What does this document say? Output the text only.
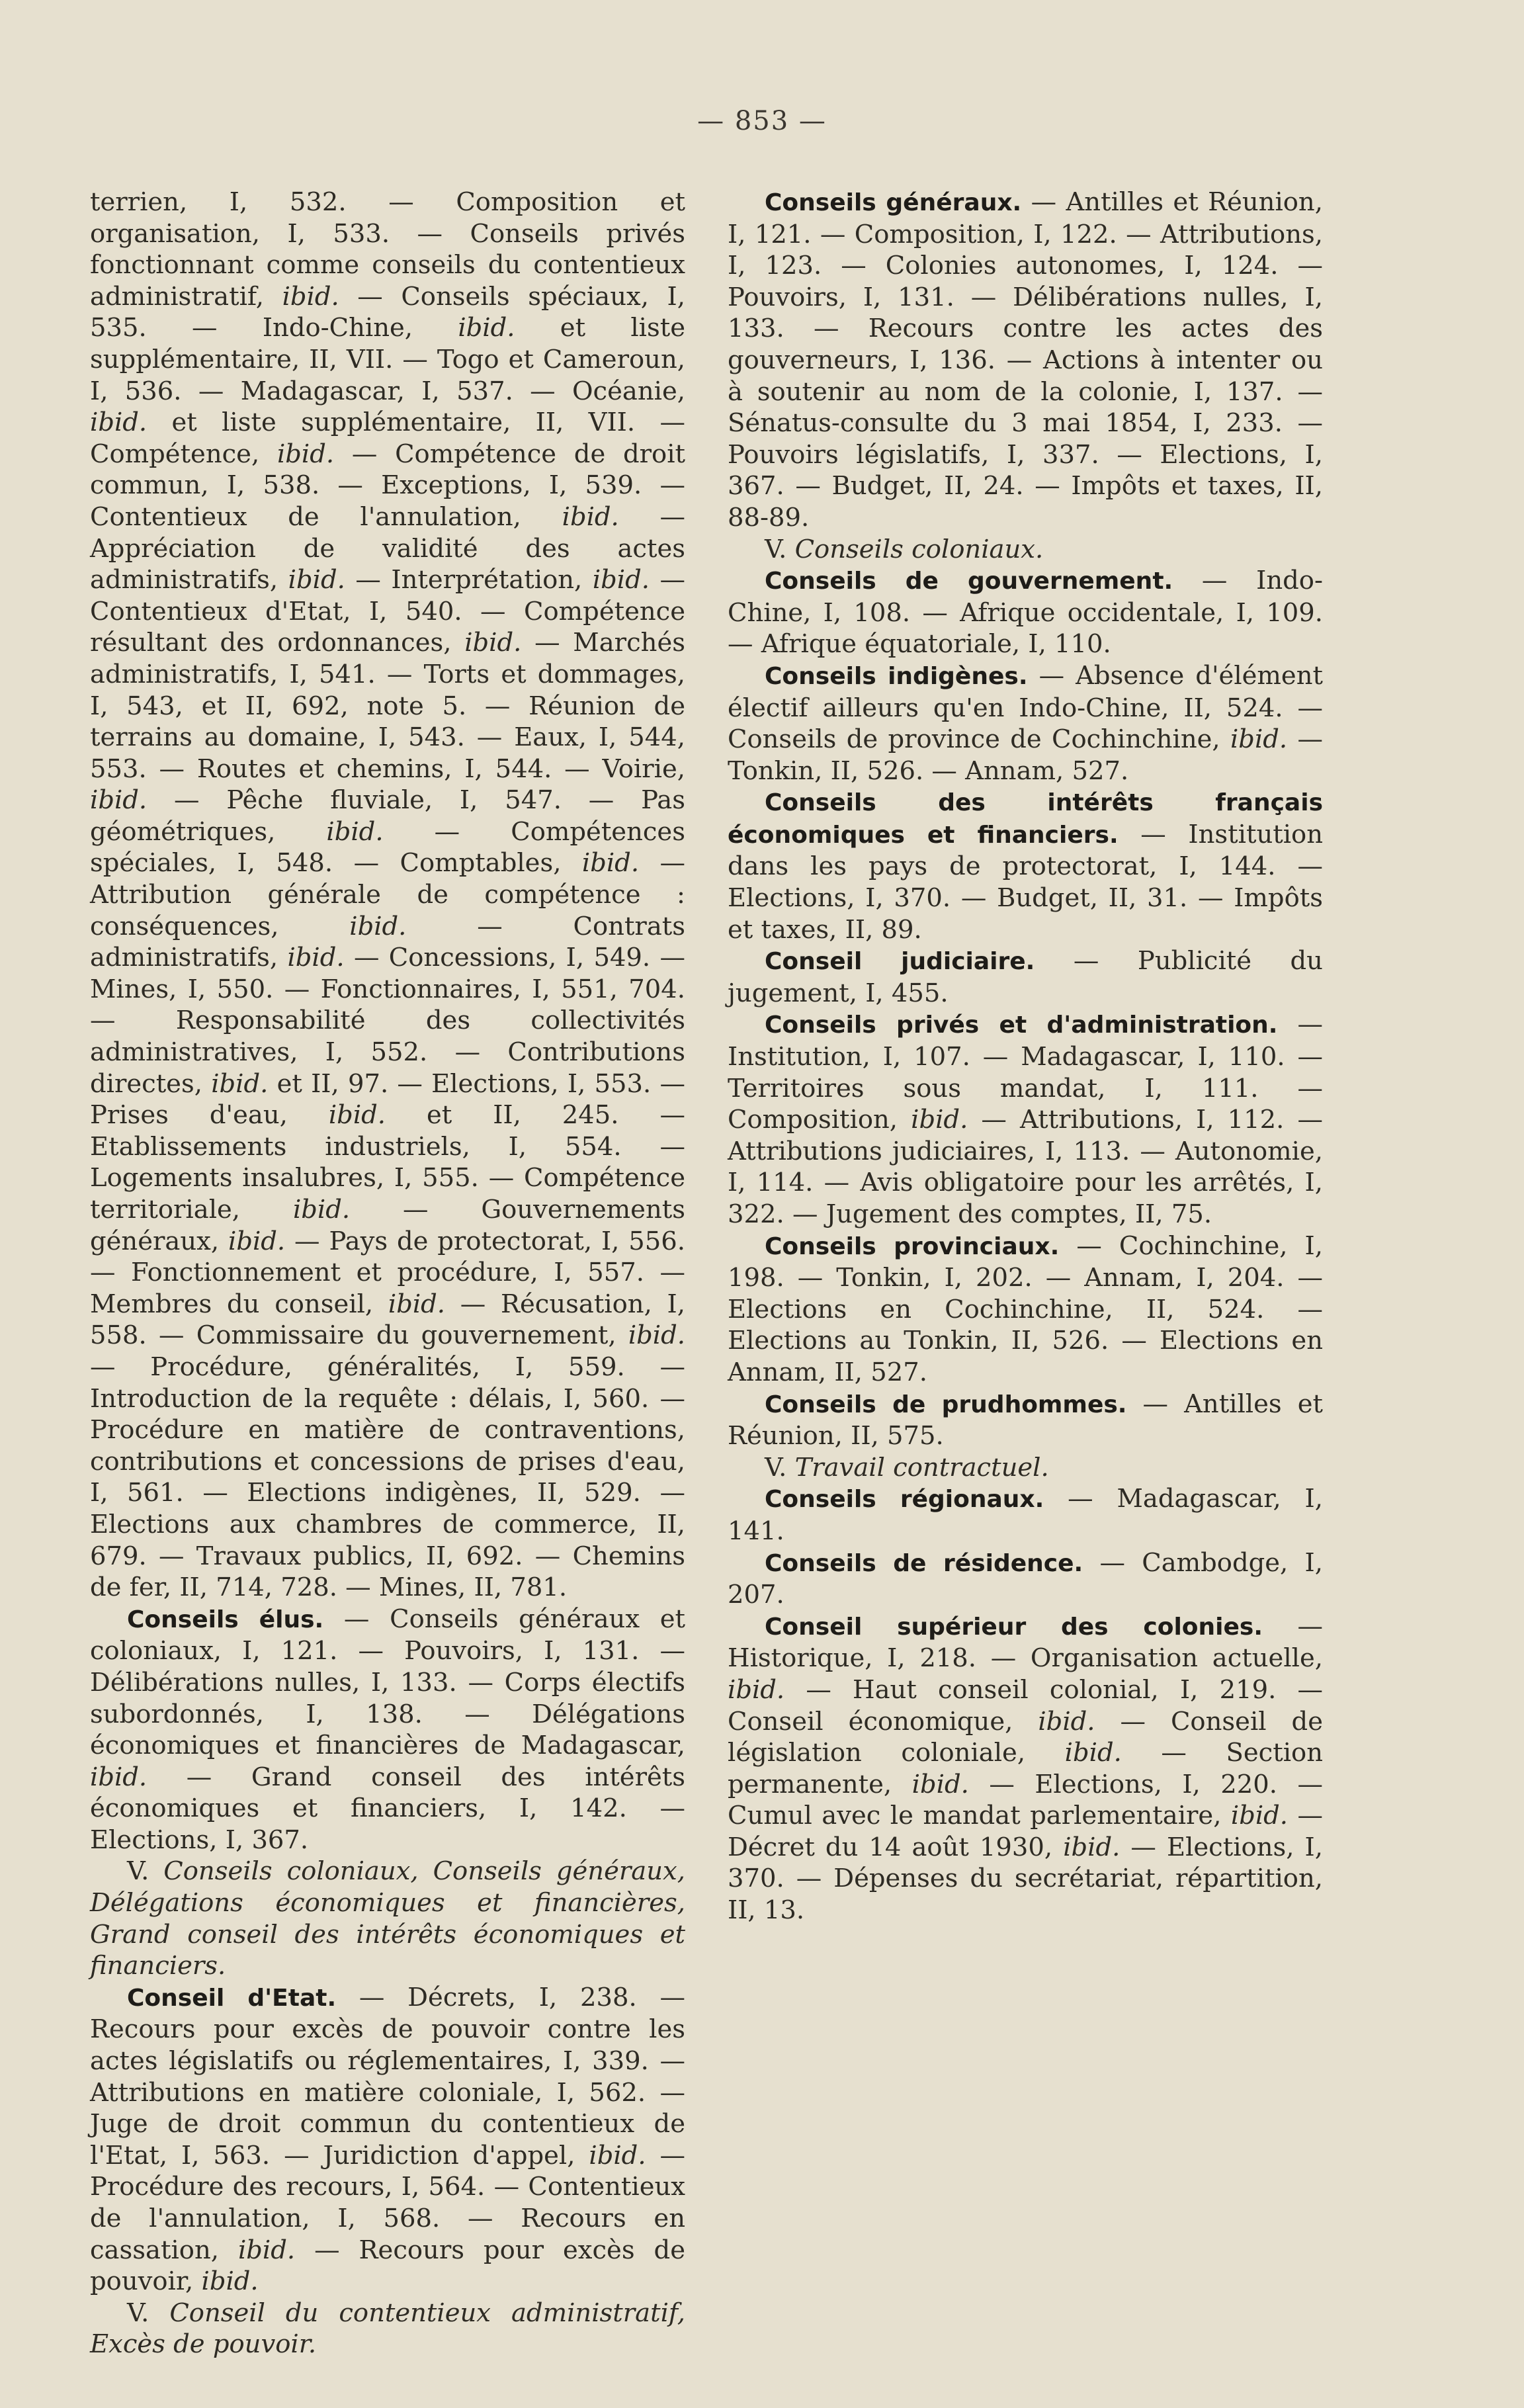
— 853 —

terrien, I, 532. — Composition et organisation, I, 533. — Conseils privés fonctionnant comme conseils du contentieux administratif, ibid. — Conseils spéciaux, I, 535. — Indo-Chine, ibid. et liste supplémentaire, II, VII. — Togo et Cameroun, I, 536. — Madagascar, I, 537. — Océanie, ibid. et liste supplémentaire, II, VII. — Compétence, ibid. — Compétence de droit commun, I, 538. — Exceptions, I, 539. — Contentieux de l'annulation, ibid. — Appréciation de validité des actes administratifs, ibid. — Interprétation, ibid. — Contentieux d'Etat, I, 540. — Compétence résultant des ordonnances, ibid. — Marchés administratifs, I, 541. — Torts et dommages, I, 543, et II, 692, note 5. — Réunion de terrains au domaine, I, 543. — Eaux, I, 544, 553. — Routes et chemins, I, 544. — Voirie, ibid. — Pêche fluviale, I, 547. — Pas géométriques, ibid. — Compétences spéciales, I, 548. — Comptables, ibid. — Attribution générale de compétence : conséquences, ibid. — Contrats administratifs, ibid. — Concessions, I, 549. — Mines, I, 550. — Fonctionnaires, I, 551, 704. — Responsabilité des collectivités administratives, I, 552. — Contributions directes, ibid. et II, 97. — Elections, I, 553. — Prises d'eau, ibid. et II, 245. — Etablissements industriels, I, 554. — Logements insalubres, I, 555. — Compétence territoriale, ibid. — Gouvernements généraux, ibid. — Pays de protectorat, I, 556. — Fonctionnement et procédure, I, 557. — Membres du conseil, ibid. — Récusation, I, 558. — Commissaire du gouvernement, ibid. — Procédure, généralités, I, 559. — Introduction de la requête : délais, I, 560. — Procédure en matière de contraventions, contributions et concessions de prises d'eau, I, 561. — Elections indigènes, II, 529. — Elections aux chambres de commerce, II, 679. — Travaux publics, II, 692. — Chemins de fer, II, 714, 728. — Mines, II, 781.

Conseils élus. — Conseils généraux et coloniaux, I, 121. — Pouvoirs, I, 131. — Délibérations nulles, I, 133. — Corps électifs subordonnés, I, 138. — Délégations économiques et financières de Madagascar, ibid. — Grand conseil des intérêts économiques et financiers, I, 142. — Elections, I, 367.

V. Conseils coloniaux, Conseils généraux, Délégations économiques et financières, Grand conseil des intérêts économiques et financiers.

Conseil d'Etat. — Décrets, I, 238. — Recours pour excès de pouvoir contre les actes législatifs ou réglementaires, I, 339. — Attributions en matière coloniale, I, 562. — Juge de droit commun du contentieux de l'Etat, I, 563. — Juridiction d'appel, ibid. — Procédure des recours, I, 564. — Contentieux de l'annulation, I, 568. — Recours en cassation, ibid. — Recours pour excès de pouvoir, ibid.

V. Conseil du contentieux administratif, Excès de pouvoir.

Conseils généraux. — Antilles et Réunion, I, 121. — Composition, I, 122. — Attributions, I, 123. — Colonies autonomes, I, 124. — Pouvoirs, I, 131. — Délibérations nulles, I, 133. — Recours contre les actes des gouverneurs, I, 136. — Actions à intenter ou à soutenir au nom de la colonie, I, 137. — Sénatus-consulte du 3 mai 1854, I, 233. — Pouvoirs législatifs, I, 337. — Elections, I, 367. — Budget, II, 24. — Impôts et taxes, II, 88-89.

V. Conseils coloniaux.

Conseils de gouvernement. — Indo-Chine, I, 108. — Afrique occidentale, I, 109. — Afrique équatoriale, I, 110.

Conseils indigènes. — Absence d'élément électif ailleurs qu'en Indo-Chine, II, 524. — Conseils de province de Cochinchine, ibid. — Tonkin, II, 526. — Annam, 527.

Conseils des intérêts français économiques et financiers. — Institution dans les pays de protectorat, I, 144. — Elections, I, 370. — Budget, II, 31. — Impôts et taxes, II, 89.

Conseil judiciaire. — Publicité du jugement, I, 455.

Conseils privés et d'administration. — Institution, I, 107. — Madagascar, I, 110. — Territoires sous mandat, I, 111. — Composition, ibid. — Attributions, I, 112. — Attributions judiciaires, I, 113. — Autonomie, I, 114. — Avis obligatoire pour les arrêtés, I, 322. — Jugement des comptes, II, 75.

Conseils provinciaux. — Cochinchine, I, 198. — Tonkin, I, 202. — Annam, I, 204. — Elections en Cochinchine, II, 524. — Elections au Tonkin, II, 526. — Elections en Annam, II, 527.

Conseils de prudhommes. — Antilles et Réunion, II, 575.

V. Travail contractuel.

Conseils régionaux. — Madagascar, I, 141.

Conseils de résidence. — Cambodge, I, 207.

Conseil supérieur des colonies. — Historique, I, 218. — Organisation actuelle, ibid. — Haut conseil colonial, I, 219. — Conseil économique, ibid. — Conseil de législation coloniale, ibid. — Section permanente, ibid. — Elections, I, 220. — Cumul avec le mandat parlementaire, ibid. — Décret du 14 août 1930, ibid. — Elections, I, 370. — Dépenses du secrétariat, répartition, II, 13.
